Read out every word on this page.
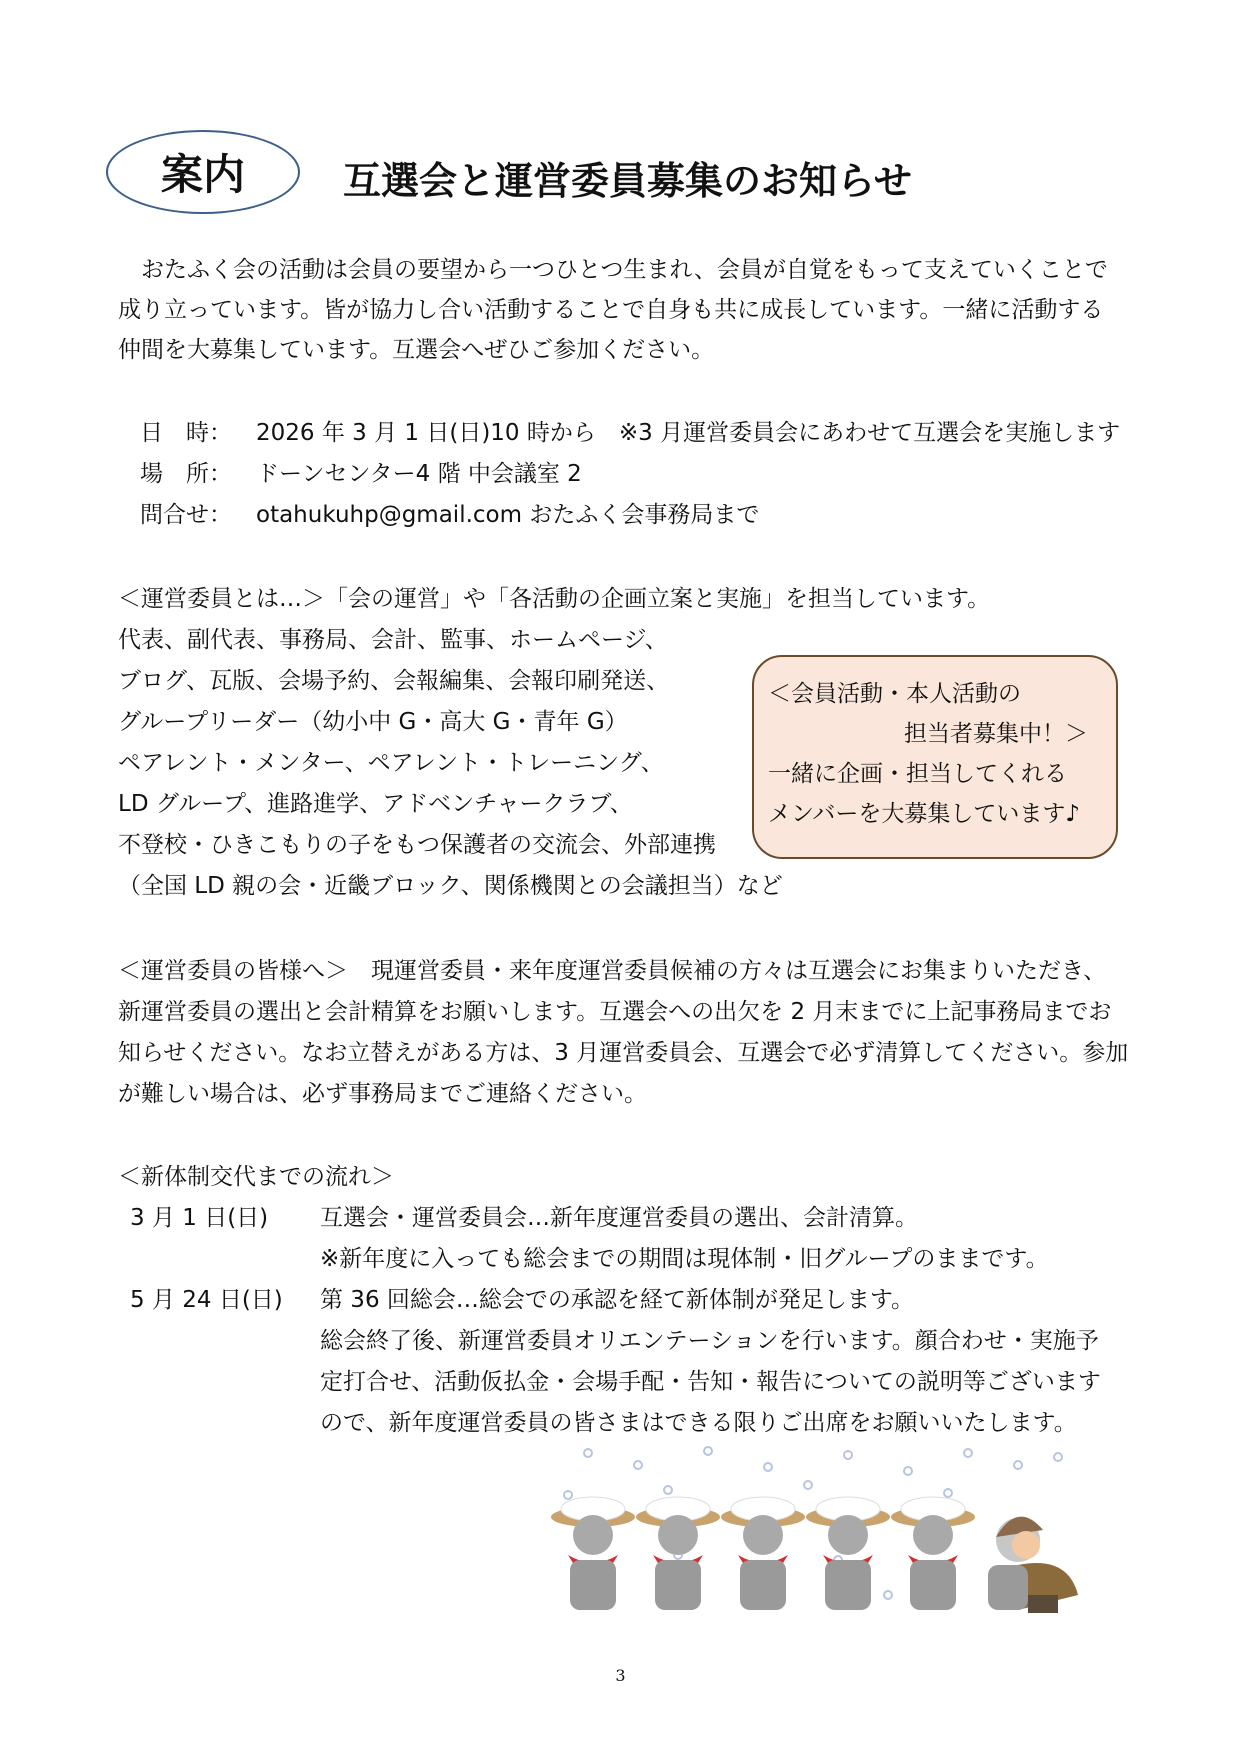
案内	互選会と運営委員募集のお知らせ
　おたふく会の活動は会員の要望から一つひとつ生まれ、会員が自覚をもって支えていくことで
成り立っています。皆が協力し合い活動することで自身も共に成長しています。一緒に活動する
仲間を大募集しています。互選会へぜひご参加ください。
日　時： 2026 年 3 月 1 日(日)10 時から　※3 月運営委員会にあわせて互選会を実施します
場　所： ドーンセンター4 階 中会議室 2
問合せ： otahukuhp@gmail.com おたふく会事務局まで
＜運営委員とは…＞「会の運営」や「各活動の企画立案と実施」を担当しています。
代表、副代表、事務局、会計、監事、ホームページ、
ブログ、瓦版、会場予約、会報編集、会報印刷発送、
グループリーダー（幼小中 G・高大 G・青年 G）
ペアレント・メンター、ペアレント・トレーニング、
LD グループ、進路進学、アドベンチャークラブ、
不登校・ひきこもりの子をもつ保護者の交流会、外部連携
（全国 LD 親の会・近畿ブロック、関係機関との会議担当）など
＜会員活動・本人活動の
担当者募集中！＞
一緒に企画・担当してくれる
メンバーを大募集しています♪
＜運営委員の皆様へ＞　現運営委員・来年度運営委員候補の方々は互選会にお集まりいただき、
新運営委員の選出と会計精算をお願いします。互選会への出欠を 2 月末までに上記事務局までお
知らせください。なお立替えがある方は、3 月運営委員会、互選会で必ず清算してください。参加
が難しい場合は、必ず事務局までご連絡ください。
＜新体制交代までの流れ＞
3 月 1 日(日) 互選会・運営委員会…新年度運営委員の選出、会計清算。
※新年度に入っても総会までの期間は現体制・旧グループのままです。
5 月 24 日(日) 第 36 回総会…総会での承認を経て新体制が発足します。
総会終了後、新運営委員オリエンテーションを行います。顔合わせ・実施予
定打合せ、活動仮払金・会場手配・告知・報告についての説明等ございます
ので、新年度運営委員の皆さまはできる限りご出席をお願いいたします。
3
